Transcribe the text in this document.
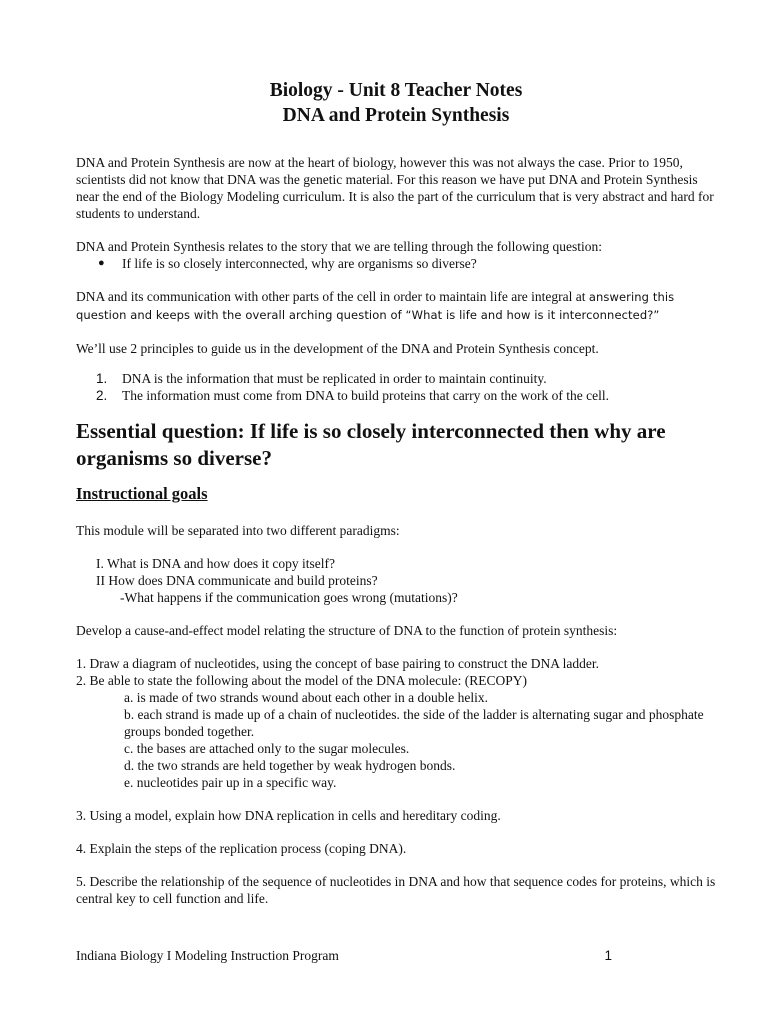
Biology - Unit 8 Teacher Notes
DNA and Protein Synthesis

DNA and Protein Synthesis are now at the heart of biology, however this was not always the case. Prior to 1950, scientists did not know that DNA was the genetic material. For this reason we have put DNA and Protein Synthesis near the end of the Biology Modeling curriculum. It is also the part of the curriculum that is very abstract and hard for students to understand.

DNA and Protein Synthesis relates to the story that we are telling through the following question:

●	If life is so closely interconnected, why are organisms so diverse?

DNA and its communication with other parts of the cell in order to maintain life are integral at answering this question and keeps with the overall arching question of “What is life and how is it interconnected?”

We’ll use 2 principles to guide us in the development of the DNA and Protein Synthesis concept.

1.	DNA is the information that must be replicated in order to maintain continuity.
2.	The information must come from DNA to build proteins that carry on the work of the cell.
Essential question: If life is so closely interconnected then why are organisms so diverse?
Instructional goals

This module will be separated into two different paradigms:

I. What is DNA and how does it copy itself?
II How does DNA communicate and build proteins?
-What happens if the communication goes wrong (mutations)?

Develop a cause-and-effect model relating the structure of DNA to the function of protein synthesis:

1. Draw a diagram of nucleotides, using the concept of base pairing to construct the DNA ladder.
2. Be able to state the following about the model of the DNA molecule: (RECOPY)
a. is made of two strands wound about each other in a double helix.
b. each strand is made up of a chain of nucleotides. the side of the ladder is alternating sugar and phosphate groups bonded together.
c. the bases are attached only to the sugar molecules.
d. the two strands are held together by weak hydrogen bonds.
e. nucleotides pair up in a specific way.

3. Using a model, explain how DNA replication in cells and hereditary coding.

4. Explain the steps of the replication process (coping DNA).

5. Describe the relationship of the sequence of nucleotides in DNA and how that sequence codes for proteins, which is central key to cell function and life.

Indiana Biology I Modeling Instruction Program	1
